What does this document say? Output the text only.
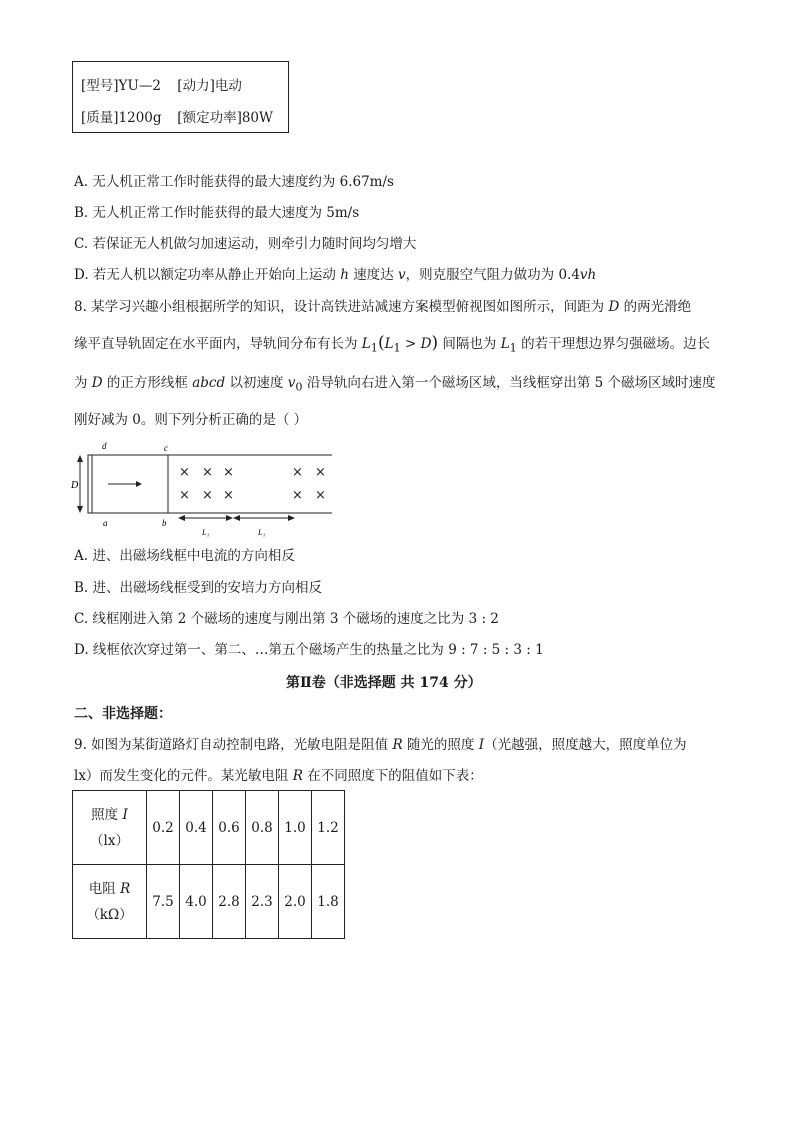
[型号]YU—2 [动力]电动
[质量]1200g [额定功率]80W
A. 无人机正常工作时能获得的最大速度约为 6.67m/s
B. 无人机正常工作时能获得的最大速度为 5m/s
C. 若保证无人机做匀加速运动，则牵引力随时间均匀增大
D. 若无人机以额定功率从静止开始向上运动 h 速度达 v，则克服空气阻力做功为 0.4vh
8. 某学习兴趣小组根据所学的知识，设计高铁进站减速方案模型俯视图如图所示，间距为 D 的两光滑绝
缘平直导轨固定在水平面内，导轨间分布有长为 $L_1(L_1 > D)$ 间隔也为 $L_1$ 的若干理想边界匀强磁场。边长
为 D 的正方形线框 abcd 以初速度 $v_0$ 沿导轨向右进入第一个磁场区域，当线框穿出第 5 个磁场区域时速度
刚好减为 0。则下列分析正确的是（ ）
D
d	c
a	b
× × ×
× × ×
× ×
× ×
L₁	L₁
A. 进、出磁场线框中电流的方向相反
B. 进、出磁场线框受到的安培力方向相反
C. 线框刚进入第 2 个磁场的速度与刚出第 3 个磁场的速度之比为 3 : 2
D. 线框依次穿过第一、第二、…第五个磁场产生的热量之比为 9 : 7 : 5 : 3 : 1
第Ⅱ卷（非选择题 共 174 分）
二、非选择题：
9. 如图为某街道路灯自动控制电路，光敏电阻是阻值 R 随光的照度 I（光越强，照度越大，照度单位为
lx）而发生变化的元件。某光敏电阻 R 在不同照度下的阻值如下表：
照度 I
（lx）	0.2	0.4	0.6	0.8	1.0	1.2

电阻 R
（kΩ）	7.5	4.0	2.8	2.3	2.0	1.8
